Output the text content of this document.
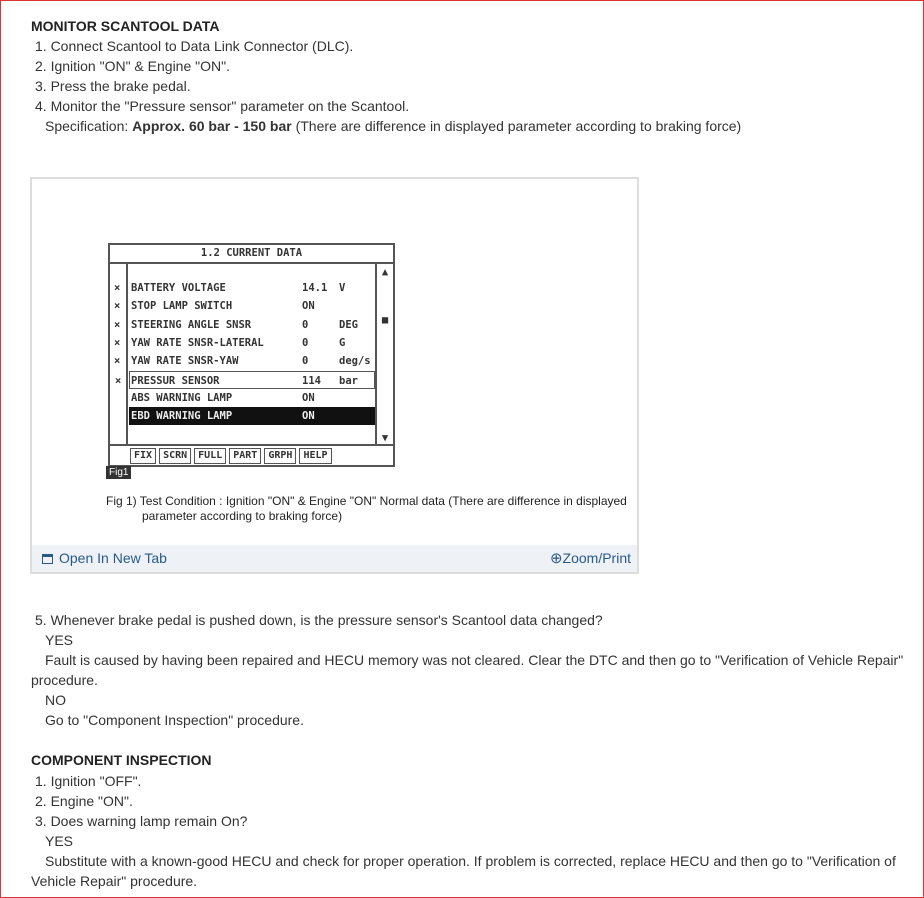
MONITOR SCANTOOL DATA
1. Connect Scantool to Data Link Connector (DLC).
2. Ignition "ON" & Engine "ON".
3. Press the brake pedal.
4. Monitor the "Pressure sensor" parameter on the Scantool.
Specification: Approx. 60 bar - 150 bar (There are difference in displayed parameter according to braking force)
1.2 CURRENT DATA
▲
■
▼
× BATTERY VOLTAGE	14.1 V
× STOP LAMP SWITCH	ON
× STEERING ANGLE SNSR	0	DEG
× YAW RATE SNSR-LATERAL	0	G
× YAW RATE SNSR-YAW	0	deg/s
× PRESSUR SENSOR	114 bar
ABS WARNING LAMP	ON
EBD WARNING LAMP	ON
FIX	SCRN	FULL	PART	GRPH	HELP
Fig1
Fig 1) Test Condition : Ignition "ON" & Engine "ON" Normal data (There are difference in displayed
parameter according to braking force)
Open In New Tab	⊕Zoom/Print
5. Whenever brake pedal is pushed down, is the pressure sensor's Scantool data changed?
YES
Fault is caused by having been repaired and HECU memory was not cleared. Clear the DTC and then go to "Verification of Vehicle Repair"
procedure.
NO
Go to "Component Inspection" procedure.
COMPONENT INSPECTION
1. Ignition "OFF".
2. Engine "ON".
3. Does warning lamp remain On?
YES
Substitute with a known-good HECU and check for proper operation. If problem is corrected, replace HECU and then go to "Verification of
Vehicle Repair" procedure.
